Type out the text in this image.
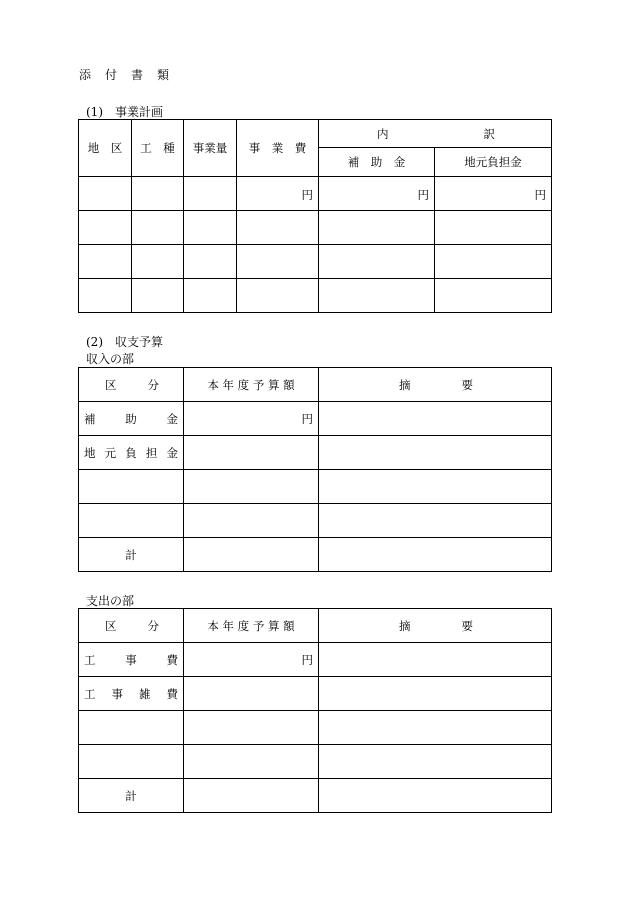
添　付　書　類
(1)　事業計画
地　区	工　種	事業量	事　業　費	内 訳	

				補　助　金	地元負担金
			円	円	円

(2)　収支予算
収入の部
区 分	本 年 度 予 算 額	摘 要

補 助 金	円	

地 元 負 担 金		

計		
支出の部
区 分	本 年 度 予 算 額	摘 要

工 事 費	円	

工 事 雑 費		

計		
